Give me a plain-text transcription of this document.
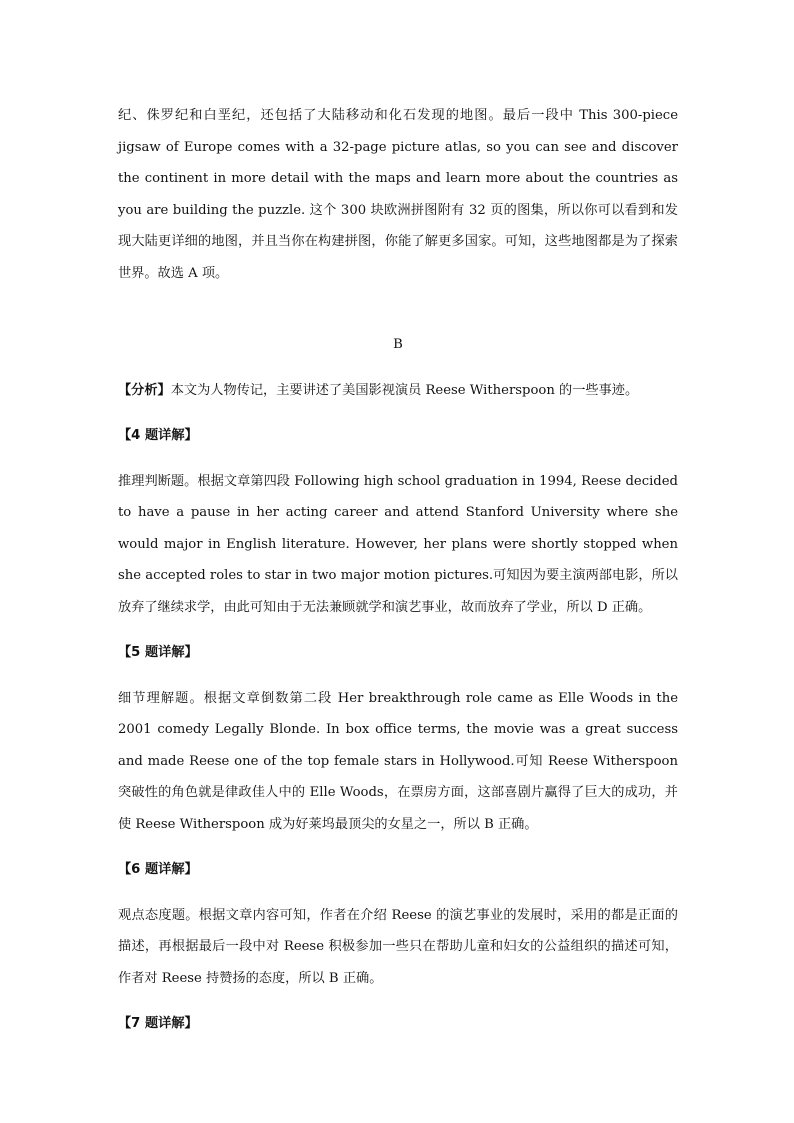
纪、侏罗纪和白垩纪，还包括了大陆移动和化石发现的地图。最后一段中 This 300-piece jigsaw of Europe comes with a 32-page picture atlas, so you can see and discover the continent in more detail with the maps and learn more about the countries as you are building the puzzle. 这个 300 块欧洲拼图附有 32 页的图集，所以你可以看到和发现大陆更详细的地图，并且当你在构建拼图，你能了解更多国家。可知，这些地图都是为了探索世界。故选 A 项。

B

【分析】本文为人物传记，主要讲述了美国影视演员 Reese Witherspoon 的一些事迹。

【4 题详解】

推理判断题。根据文章第四段 Following high school graduation in 1994, Reese decided to have a pause in her acting career and attend Stanford University where she would major in English literature. However, her plans were shortly stopped when she accepted roles to star in two major motion pictures.可知因为要主演两部电影，所以放弃了继续求学，由此可知由于无法兼顾就学和演艺事业，故而放弃了学业，所以 D 正确。

【5 题详解】

细节理解题。根据文章倒数第二段 Her breakthrough role came as Elle Woods in the 2001 comedy Legally Blonde. In box office terms, the movie was a great success and made Reese one of the top female stars in Hollywood.可知 Reese Witherspoon 突破性的角色就是律政佳人中的 Elle Woods，在票房方面，这部喜剧片赢得了巨大的成功，并使 Reese Witherspoon 成为好莱坞最顶尖的女星之一，所以 B 正确。

【6 题详解】

观点态度题。根据文章内容可知，作者在介绍 Reese 的演艺事业的发展时，采用的都是正面的描述，再根据最后一段中对 Reese 积极参加一些只在帮助儿童和妇女的公益组织的描述可知，作者对 Reese 持赞扬的态度，所以 B 正确。

【7 题详解】
